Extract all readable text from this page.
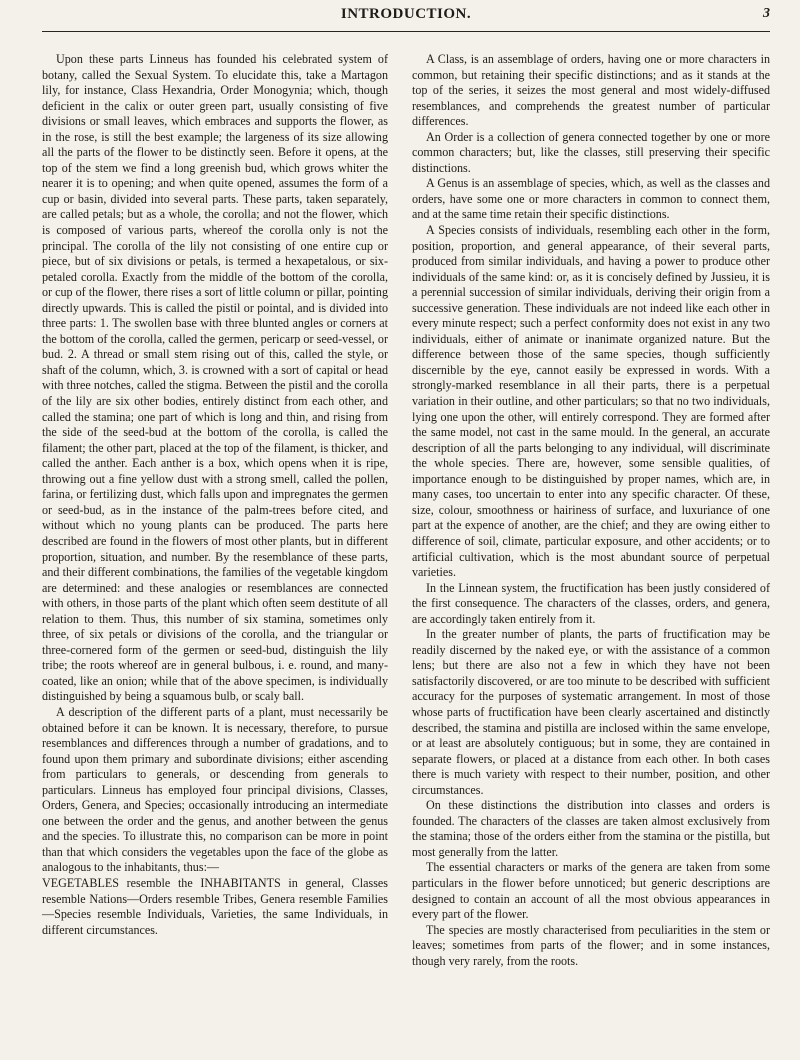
INTRODUCTION.	3

Upon these parts Linneus has founded his celebrated system of botany, called the Sexual System. To elucidate this, take a Martagon lily, for instance, Class Hexandria, Order Monogynia; which, though deficient in the calix or outer green part, usually consisting of five divisions or small leaves, which embraces and supports the flower, as in the rose, is still the best example; the largeness of its size allowing all the parts of the flower to be distinctly seen. Before it opens, at the top of the stem we find a long greenish bud, which grows whiter the nearer it is to opening; and when quite opened, assumes the form of a cup or basin, divided into several parts. These parts, taken separately, are called petals; but as a whole, the corolla; and not the flower, which is composed of various parts, whereof the corolla only is not the principal. The corolla of the lily not consisting of one entire cup or piece, but of six divisions or petals, is termed a hexapetalous, or six-petaled corolla. Exactly from the middle of the bottom of the corolla, or cup of the flower, there rises a sort of little column or pillar, pointing directly upwards. This is called the pistil or pointal, and is divided into three parts: 1. The swollen base with three blunted angles or corners at the bottom of the corolla, called the germen, pericarp or seed-vessel, or bud. 2. A thread or small stem rising out of this, called the style, or shaft of the column, which, 3. is crowned with a sort of capital or head with three notches, called the stigma. Between the pistil and the corolla of the lily are six other bodies, entirely distinct from each other, and called the stamina; one part of which is long and thin, and rising from the side of the seed-bud at the bottom of the corolla, is called the filament; the other part, placed at the top of the filament, is thicker, and called the anther. Each anther is a box, which opens when it is ripe, throwing out a fine yellow dust with a strong smell, called the pollen, farina, or fertilizing dust, which falls upon and impregnates the germen or seed-bud, as in the instance of the palm-trees before cited, and without which no young plants can be produced. The parts here described are found in the flowers of most other plants, but in different proportion, situation, and number. By the resemblance of these parts, and their different combinations, the families of the vegetable kingdom are determined: and these analogies or resemblances are connected with others, in those parts of the plant which often seem destitute of all relation to them. Thus, this number of six stamina, sometimes only three, of six petals or divisions of the corolla, and the triangular or three-cornered form of the germen or seed-bud, distinguish the lily tribe; the roots whereof are in general bulbous, i. e. round, and many-coated, like an onion; while that of the above specimen, is individually distinguished by being a squamous bulb, or scaly ball.

A description of the different parts of a plant, must necessarily be obtained before it can be known. It is necessary, therefore, to pursue resemblances and differences through a number of gradations, and to found upon them primary and subordinate divisions; either ascending from particulars to generals, or descending from generals to particulars. Linneus has employed four principal divisions, Classes, Orders, Genera, and Species; occasionally introducing an intermediate one between the order and the genus, and another between the genus and the species. To illustrate this, no comparison can be more in point than that which considers the vegetables upon the face of the globe as analogous to the inhabitants, thus:—

VEGETABLES resemble the INHABITANTS in general, Classes resemble Nations—Orders resemble Tribes, Genera resemble Families—Species resemble Individuals, Varieties, the same Individuals, in different circumstances.

A Class, is an assemblage of orders, having one or more characters in common, but retaining their specific distinctions; and as it stands at the top of the series, it seizes the most general and most widely-diffused resemblances, and comprehends the greatest number of particular differences.

An Order is a collection of genera connected together by one or more common characters; but, like the classes, still preserving their specific distinctions.

A Genus is an assemblage of species, which, as well as the classes and orders, have some one or more characters in common to connect them, and at the same time retain their specific distinctions.

A Species consists of individuals, resembling each other in the form, position, proportion, and general appearance, of their several parts, produced from similar individuals, and having a power to produce other individuals of the same kind: or, as it is concisely defined by Jussieu, it is a perennial succession of similar individuals, deriving their origin from a successive generation. These individuals are not indeed like each other in every minute respect; such a perfect conformity does not exist in any two individuals, either of animate or inanimate organized nature. But the difference between those of the same species, though sufficiently discernible by the eye, cannot easily be expressed in words. With a strongly-marked resemblance in all their parts, there is a perpetual variation in their outline, and other particulars; so that no two individuals, lying one upon the other, will entirely correspond. They are formed after the same model, not cast in the same mould. In the general, an accurate description of all the parts belonging to any individual, will discriminate the whole species. There are, however, some sensible qualities, of importance enough to be distinguished by proper names, which are, in many cases, too uncertain to enter into any specific character. Of these, size, colour, smoothness or hairiness of surface, and luxuriance of one part at the expence of another, are the chief; and they are owing either to difference of soil, climate, particular exposure, and other accidents; or to artificial cultivation, which is the most abundant source of perpetual varieties.

In the Linnean system, the fructification has been justly considered of the first consequence. The characters of the classes, orders, and genera, are accordingly taken entirely from it.

In the greater number of plants, the parts of fructification may be readily discerned by the naked eye, or with the assistance of a common lens; but there are also not a few in which they have not been satisfactorily discovered, or are too minute to be described with sufficient accuracy for the purposes of systematic arrangement. In most of those whose parts of fructification have been clearly ascertained and distinctly described, the stamina and pistilla are inclosed within the same envelope, or at least are absolutely contiguous; but in some, they are contained in separate flowers, or placed at a distance from each other. In both cases there is much variety with respect to their number, position, and other circumstances.

On these distinctions the distribution into classes and orders is founded. The characters of the classes are taken almost exclusively from the stamina; those of the orders either from the stamina or the pistilla, but most generally from the latter.

The essential characters or marks of the genera are taken from some particulars in the flower before unnoticed; but generic descriptions are designed to contain an account of all the most obvious appearances in every part of the flower.

The species are mostly characterised from peculiarities in the stem or leaves; sometimes from parts of the flower; and in some instances, though very rarely, from the roots.
